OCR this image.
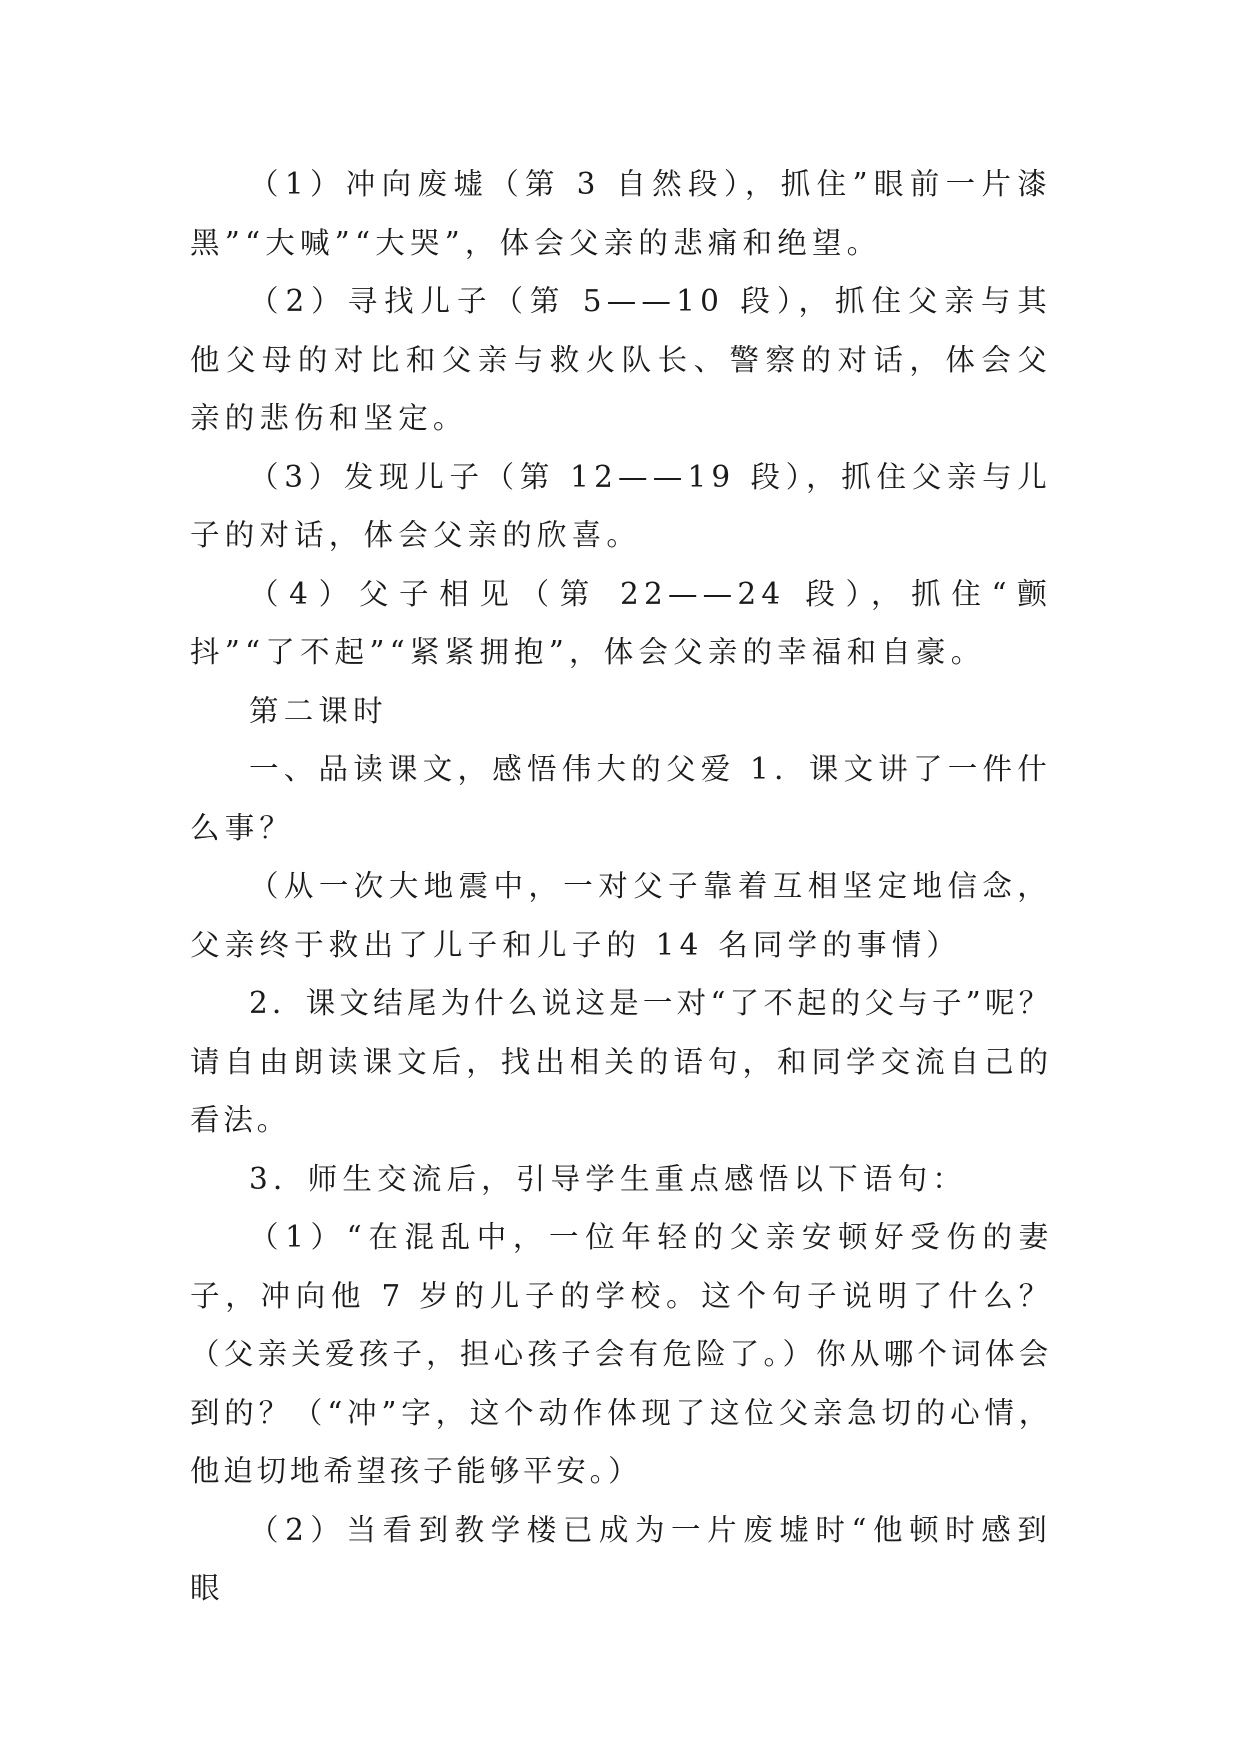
（1）冲向废墟（第 3 自然段），抓住”眼前一片漆黑”“大喊”“大哭”，体会父亲的悲痛和绝望。

（2）寻找儿子（第 5——10 段），抓住父亲与其他父母的对比和父亲与救火队长、警察的对话，体会父亲的悲伤和坚定。

（3）发现儿子（第 12——19 段），抓住父亲与儿子的对话，体会父亲的欣喜。

（4）父子相见（第 22——24 段），抓住“颤抖”“了不起”“紧紧拥抱”，体会父亲的幸福和自豪。

第二课时

一、品读课文，感悟伟大的父爱 1．课文讲了一件什么事？

（从一次大地震中，一对父子靠着互相坚定地信念，父亲终于救出了儿子和儿子的 14 名同学的事情）

2．课文结尾为什么说这是一对“了不起的父与子”呢？请自由朗读课文后，找出相关的语句，和同学交流自己的看法。

3．师生交流后，引导学生重点感悟以下语句：

（1）“在混乱中，一位年轻的父亲安顿好受伤的妻子，冲向他 7 岁的儿子的学校。这个句子说明了什么？（父亲关爱孩子，担心孩子会有危险了。）你从哪个词体会到的？（“冲”字，这个动作体现了这位父亲急切的心情，他迫切地希望孩子能够平安。）

（2）当看到教学楼已成为一片废墟时“他顿时感到眼
